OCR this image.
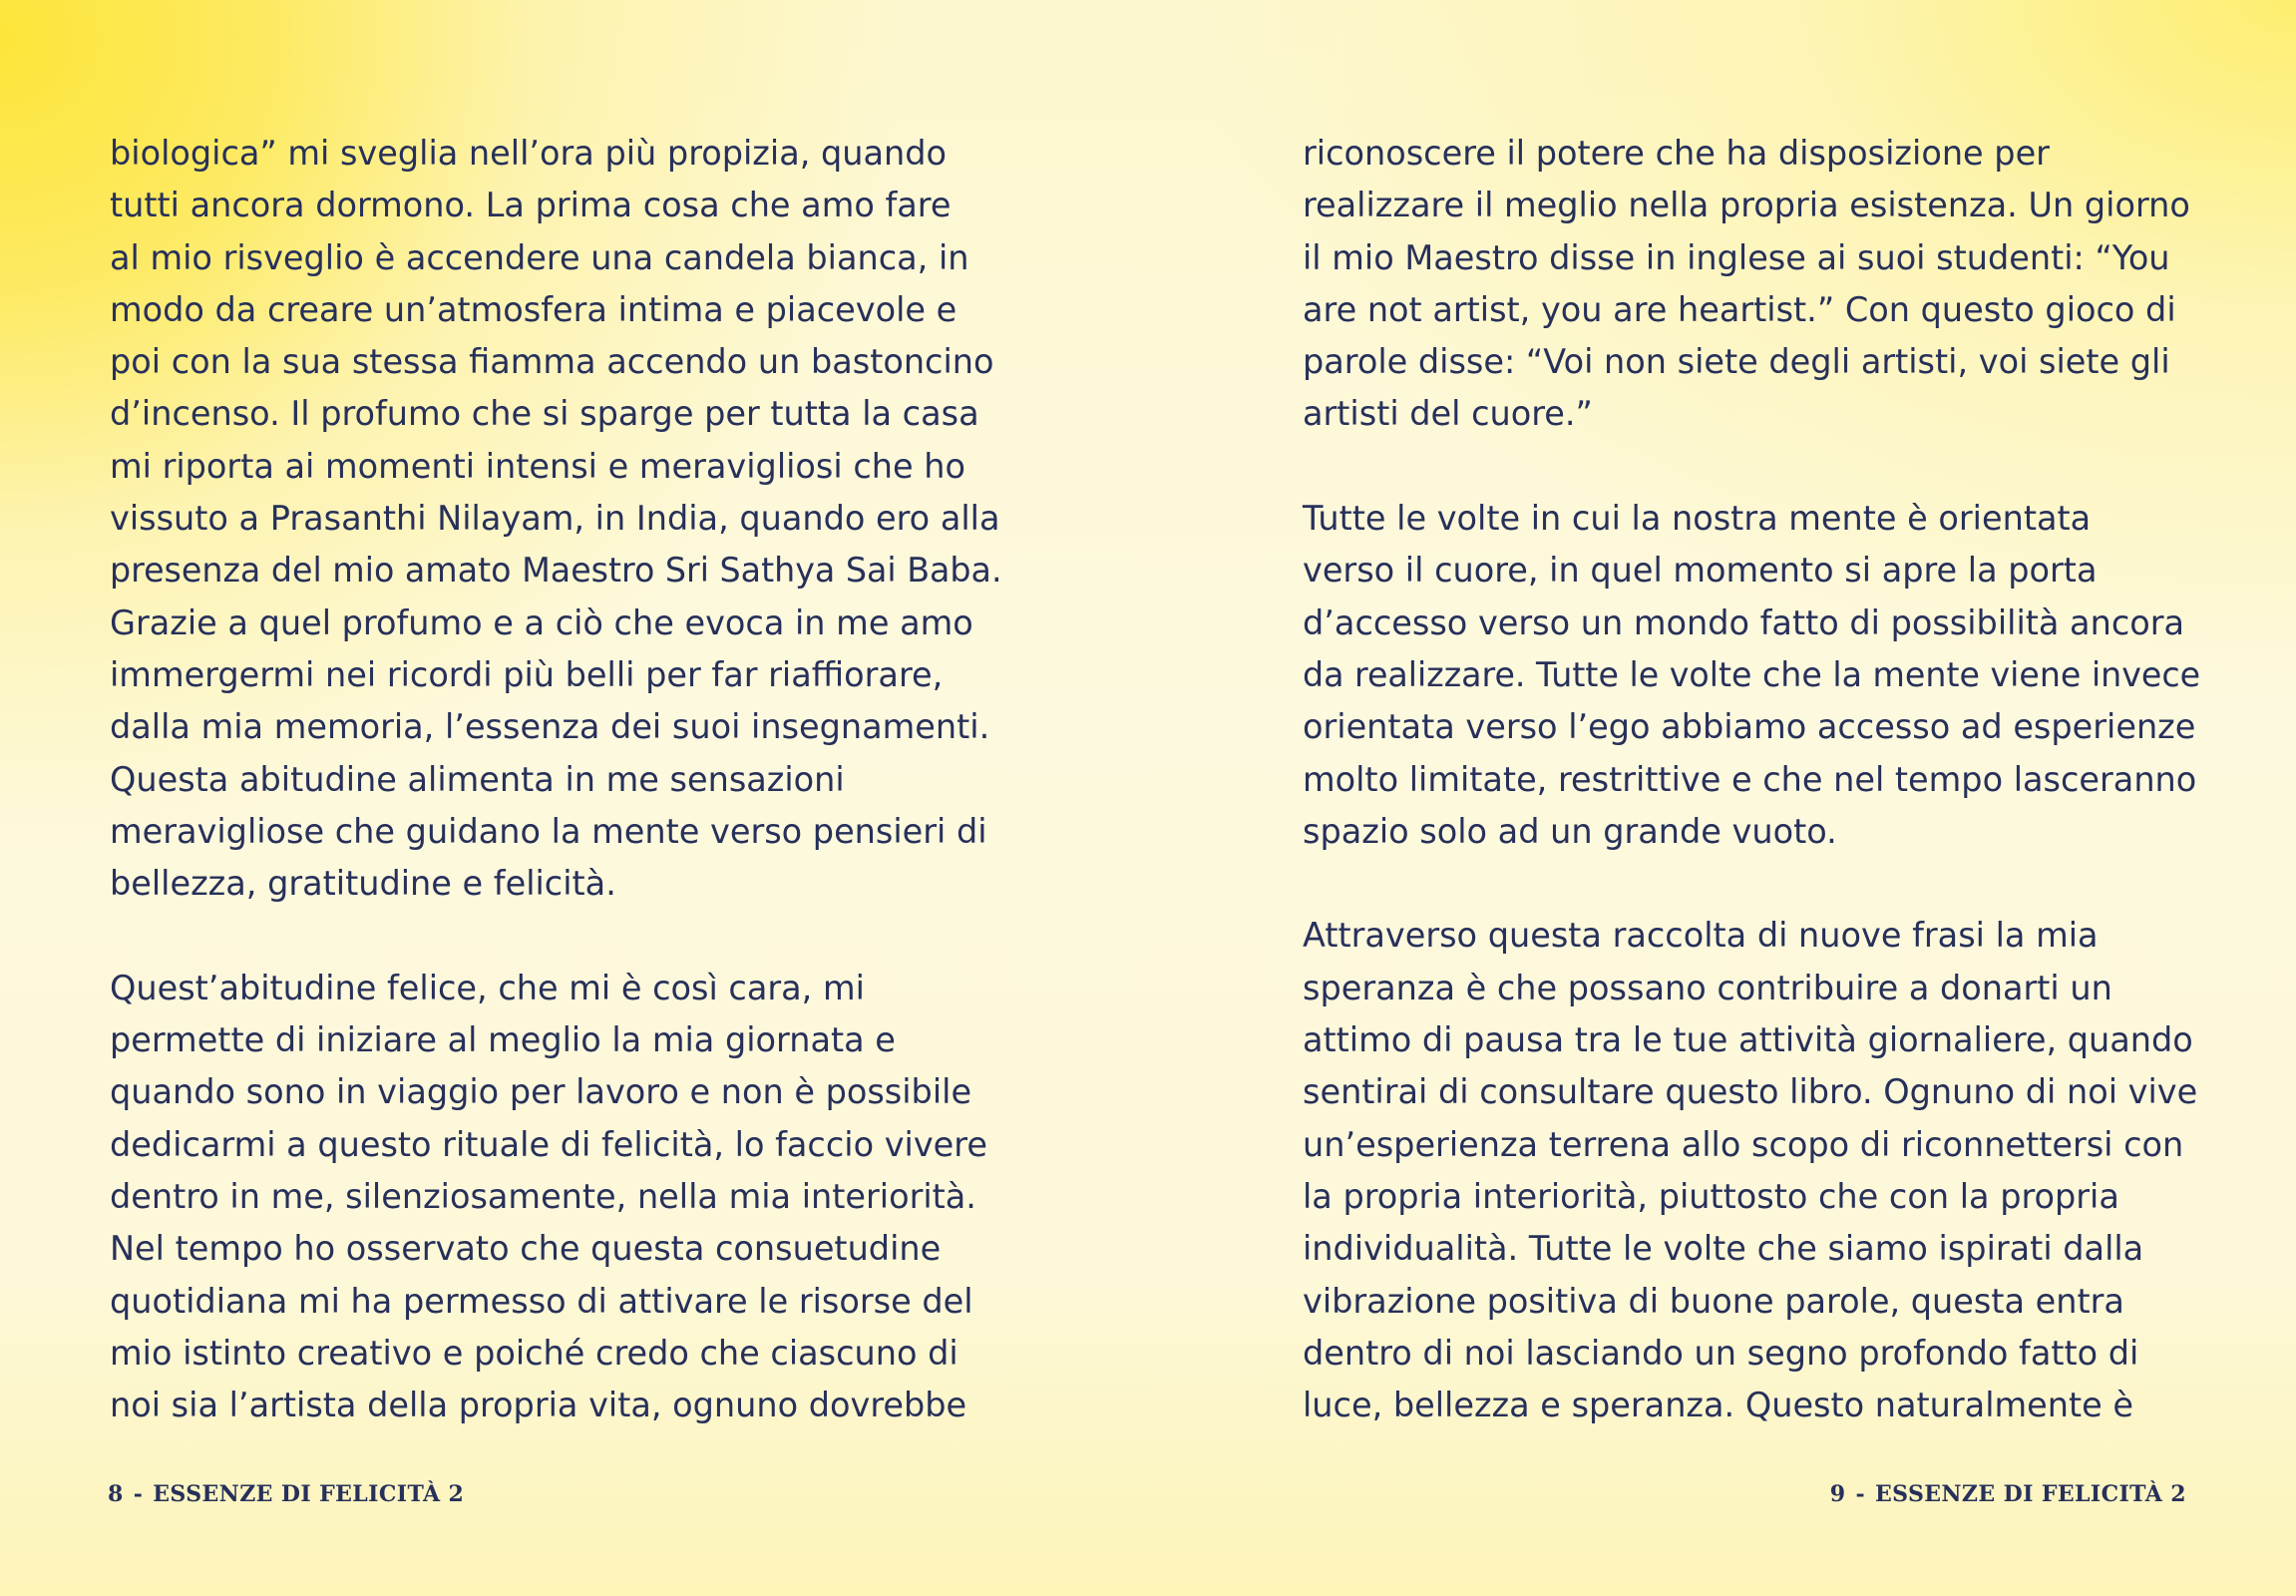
biologica” mi sveglia nell’ora più propizia, quando
tutti ancora dormono. La prima cosa che amo fare
al mio risveglio è accendere una candela bianca, in
modo da creare un’atmosfera intima e piacevole e
poi con la sua stessa fiamma accendo un bastoncino
d’incenso. Il profumo che si sparge per tutta la casa
mi riporta ai momenti intensi e meravigliosi che ho
vissuto a Prasanthi Nilayam, in India, quando ero alla
presenza del mio amato Maestro Sri Sathya Sai Baba.
Grazie a quel profumo e a ciò che evoca in me amo
immergermi nei ricordi più belli per far riaffiorare,
dalla mia memoria, l’essenza dei suoi insegnamenti.
Questa abitudine alimenta in me sensazioni
meravigliose che guidano la mente verso pensieri di
bellezza, gratitudine e felicità.
Quest’abitudine felice, che mi è così cara, mi
permette di iniziare al meglio la mia giornata e
quando sono in viaggio per lavoro e non è possibile
dedicarmi a questo rituale di felicità, lo faccio vivere
dentro in me, silenziosamente, nella mia interiorità.
Nel tempo ho osservato che questa consuetudine
quotidiana mi ha permesso di attivare le risorse del
mio istinto creativo e poiché credo che ciascuno di
noi sia l’artista della propria vita, ognuno dovrebbe
riconoscere il potere che ha disposizione per
realizzare il meglio nella propria esistenza. Un giorno
il mio Maestro disse in inglese ai suoi studenti: “You
are not artist, you are heartist.” Con questo gioco di
parole disse: “Voi non siete degli artisti, voi siete gli
artisti del cuore.”
Tutte le volte in cui la nostra mente è orientata
verso il cuore, in quel momento si apre la porta
d’accesso verso un mondo fatto di possibilità ancora
da realizzare. Tutte le volte che la mente viene invece
orientata verso l’ego abbiamo accesso ad esperienze
molto limitate, restrittive e che nel tempo lasceranno
spazio solo ad un grande vuoto.
Attraverso questa raccolta di nuove frasi la mia
speranza è che possano contribuire a donarti un
attimo di pausa tra le tue attività giornaliere, quando
sentirai di consultare questo libro. Ognuno di noi vive
un’esperienza terrena allo scopo di riconnettersi con
la propria interiorità, piuttosto che con la propria
individualità. Tutte le volte che siamo ispirati dalla
vibrazione positiva di buone parole, questa entra
dentro di noi lasciando un segno profondo fatto di
luce, bellezza e speranza. Questo naturalmente è
8 - ESSENZE DI FELICITÀ 2	9 - ESSENZE DI FELICITÀ 2
